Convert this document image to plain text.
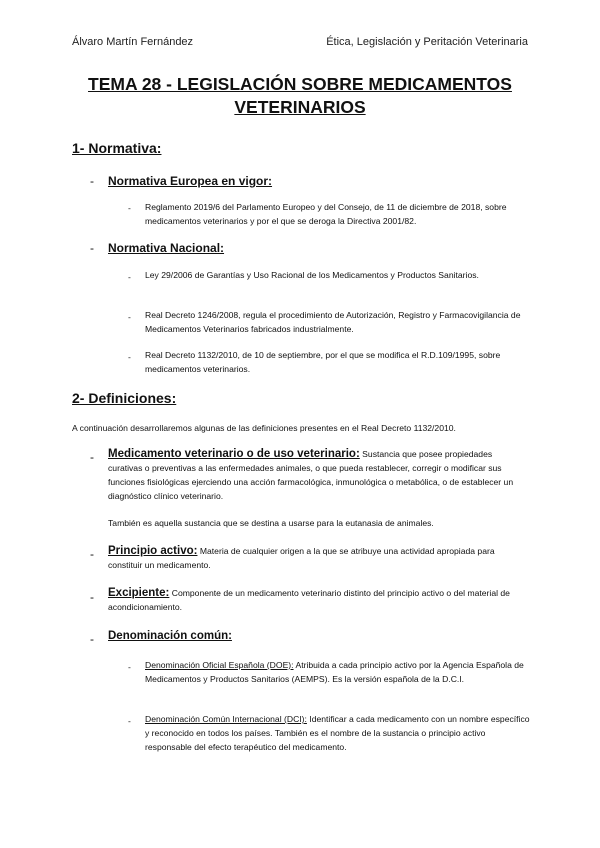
Álvaro Martín Fernández	Ética, Legislación y Peritación Veterinaria
TEMA 28 - LEGISLACIÓN SOBRE MEDICAMENTOS VETERINARIOS
1- Normativa:
- Normativa Europea en vigor:
- Reglamento 2019/6 del Parlamento Europeo y del Consejo, de 11 de diciembre de 2018, sobre medicamentos veterinarios y por el que se deroga la Directiva 2001/82.
- Normativa Nacional:
- Ley 29/2006 de Garantías y Uso Racional de los Medicamentos y Productos Sanitarios.
- Real Decreto 1246/2008, regula el procedimiento de Autorización, Registro y Farmacovigilancia de Medicamentos Veterinarios fabricados industrialmente.
- Real Decreto 1132/2010, de 10 de septiembre, por el que se modifica el R.D.109/1995, sobre medicamentos veterinarios.
2- Definiciones:
A continuación desarrollaremos algunas de las definiciones presentes en el Real Decreto 1132/2010.
- Medicamento veterinario o de uso veterinario: Sustancia que posee propiedades curativas o preventivas a las enfermedades animales, o que pueda restablecer, corregir o modificar sus funciones fisiológicas ejerciendo una acción farmacológica, inmunológica o metabólica, o de establecer un diagnóstico clínico veterinario.
También es aquella sustancia que se destina a usarse para la eutanasia de animales.
- Principio activo: Materia de cualquier origen a la que se atribuye una actividad apropiada para constituir un medicamento.
- Excipiente: Componente de un medicamento veterinario distinto del principio activo o del material de acondicionamiento.
- Denominación común:
- Denominación Oficial Española (DOE): Atribuida a cada principio activo por la Agencia Española de Medicamentos y Productos Sanitarios (AEMPS). Es la versión española de la D.C.I.
- Denominación Común Internacional (DCI): Identificar a cada medicamento con un nombre específico y reconocido en todos los países. También es el nombre de la sustancia o principio activo responsable del efecto terapéutico del medicamento.
